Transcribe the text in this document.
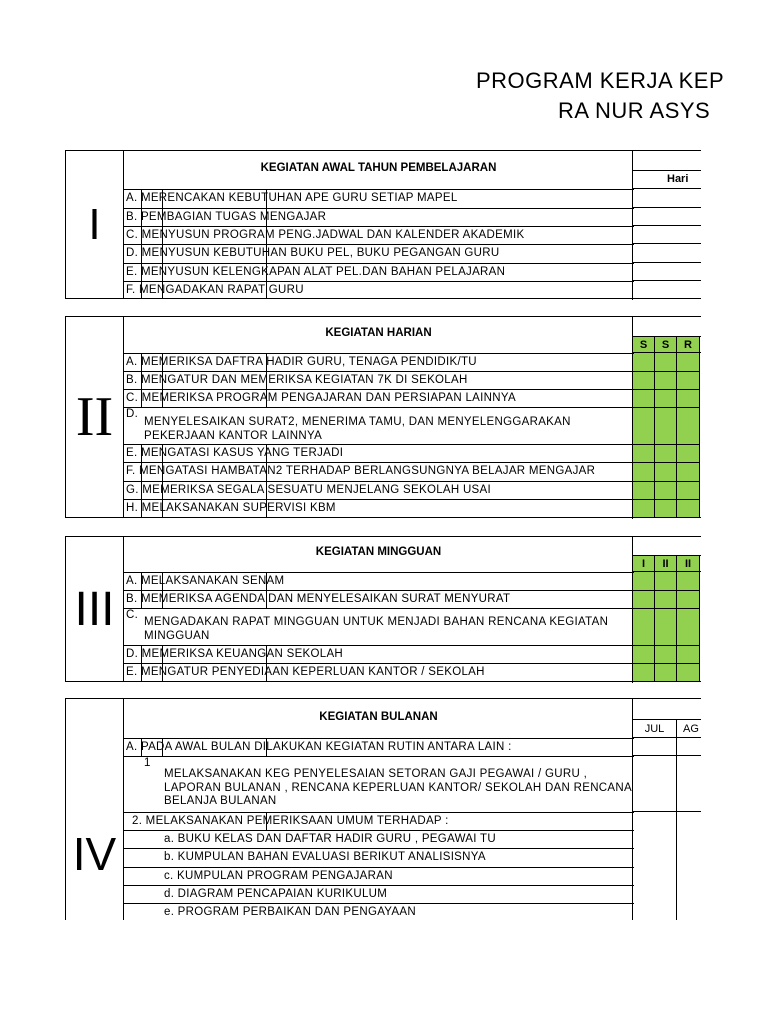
PROGRAM KERJA KEP
RA NUR ASYS
I
KEGIATAN AWAL TAHUN PEMBELAJARAN
Hari
A. MERENCAKAN KEBUTUHAN APE GURU SETIAP MAPEL
B. PEMBAGIAN TUGAS MENGAJAR
C. MENYUSUN PROGRAM PENG.JADWAL DAN KALENDER AKADEMIK
D. MENYUSUN KEBUTUHAN BUKU PEL, BUKU PEGANGAN GURU
E. MENYUSUN KELENGKAPAN ALAT PEL.DAN BAHAN PELAJARAN
F. MENGADAKAN RAPAT GURU
II
KEGIATAN HARIAN
S	S	R
A. MEMERIKSA DAFTRA HADIR GURU, TENAGA PENDIDIK/TU
B. MENGATUR DAN MEMERIKSA KEGIATAN 7K DI SEKOLAH
C. MEMERIKSA PROGRAM PENGAJARAN DAN PERSIAPAN LAINNYA
D.
MENYELESAIKAN SURAT2, MENERIMA TAMU, DAN MENYELENGGARAKAN
PEKERJAAN KANTOR LAINNYA
E. MENGATASI KASUS YANG TERJADI
F. MENGATASI HAMBATAN2 TERHADAP BERLANGSUNGNYA BELAJAR MENGAJAR
G. MEMERIKSA SEGALA SESUATU MENJELANG SEKOLAH USAI
H. MELAKSANAKAN SUPERVISI KBM
III
KEGIATAN MINGGUAN
I	II	II
A. MELAKSANAKAN SENAM
B. MEMERIKSA AGENDA DAN MENYELESAIKAN SURAT MENYURAT
C.
MENGADAKAN RAPAT MINGGUAN UNTUK MENJADI BAHAN RENCANA KEGIATAN
MINGGUAN
D. MEMERIKSA KEUANGAN SEKOLAH
E. MENGATUR PENYEDIAAN KEPERLUAN KANTOR / SEKOLAH
IV
KEGIATAN BULANAN
JUL	AG
A. PADA AWAL BULAN DILAKUKAN KEGIATAN RUTIN ANTARA LAIN :
1
MELAKSANAKAN KEG PENYELESAIAN SETORAN GAJI PEGAWAI / GURU ,
LAPORAN BULANAN , RENCANA KEPERLUAN KANTOR/ SEKOLAH DAN RENCANA
BELANJA BULANAN
2. MELAKSANAKAN PEMERIKSAAN UMUM TERHADAP :
a. BUKU KELAS DAN DAFTAR HADIR GURU , PEGAWAI TU
b. KUMPULAN BAHAN EVALUASI BERIKUT ANALISISNYA
c. KUMPULAN PROGRAM PENGAJARAN
d. DIAGRAM PENCAPAIAN KURIKULUM
e. PROGRAM PERBAIKAN DAN PENGAYAAN
